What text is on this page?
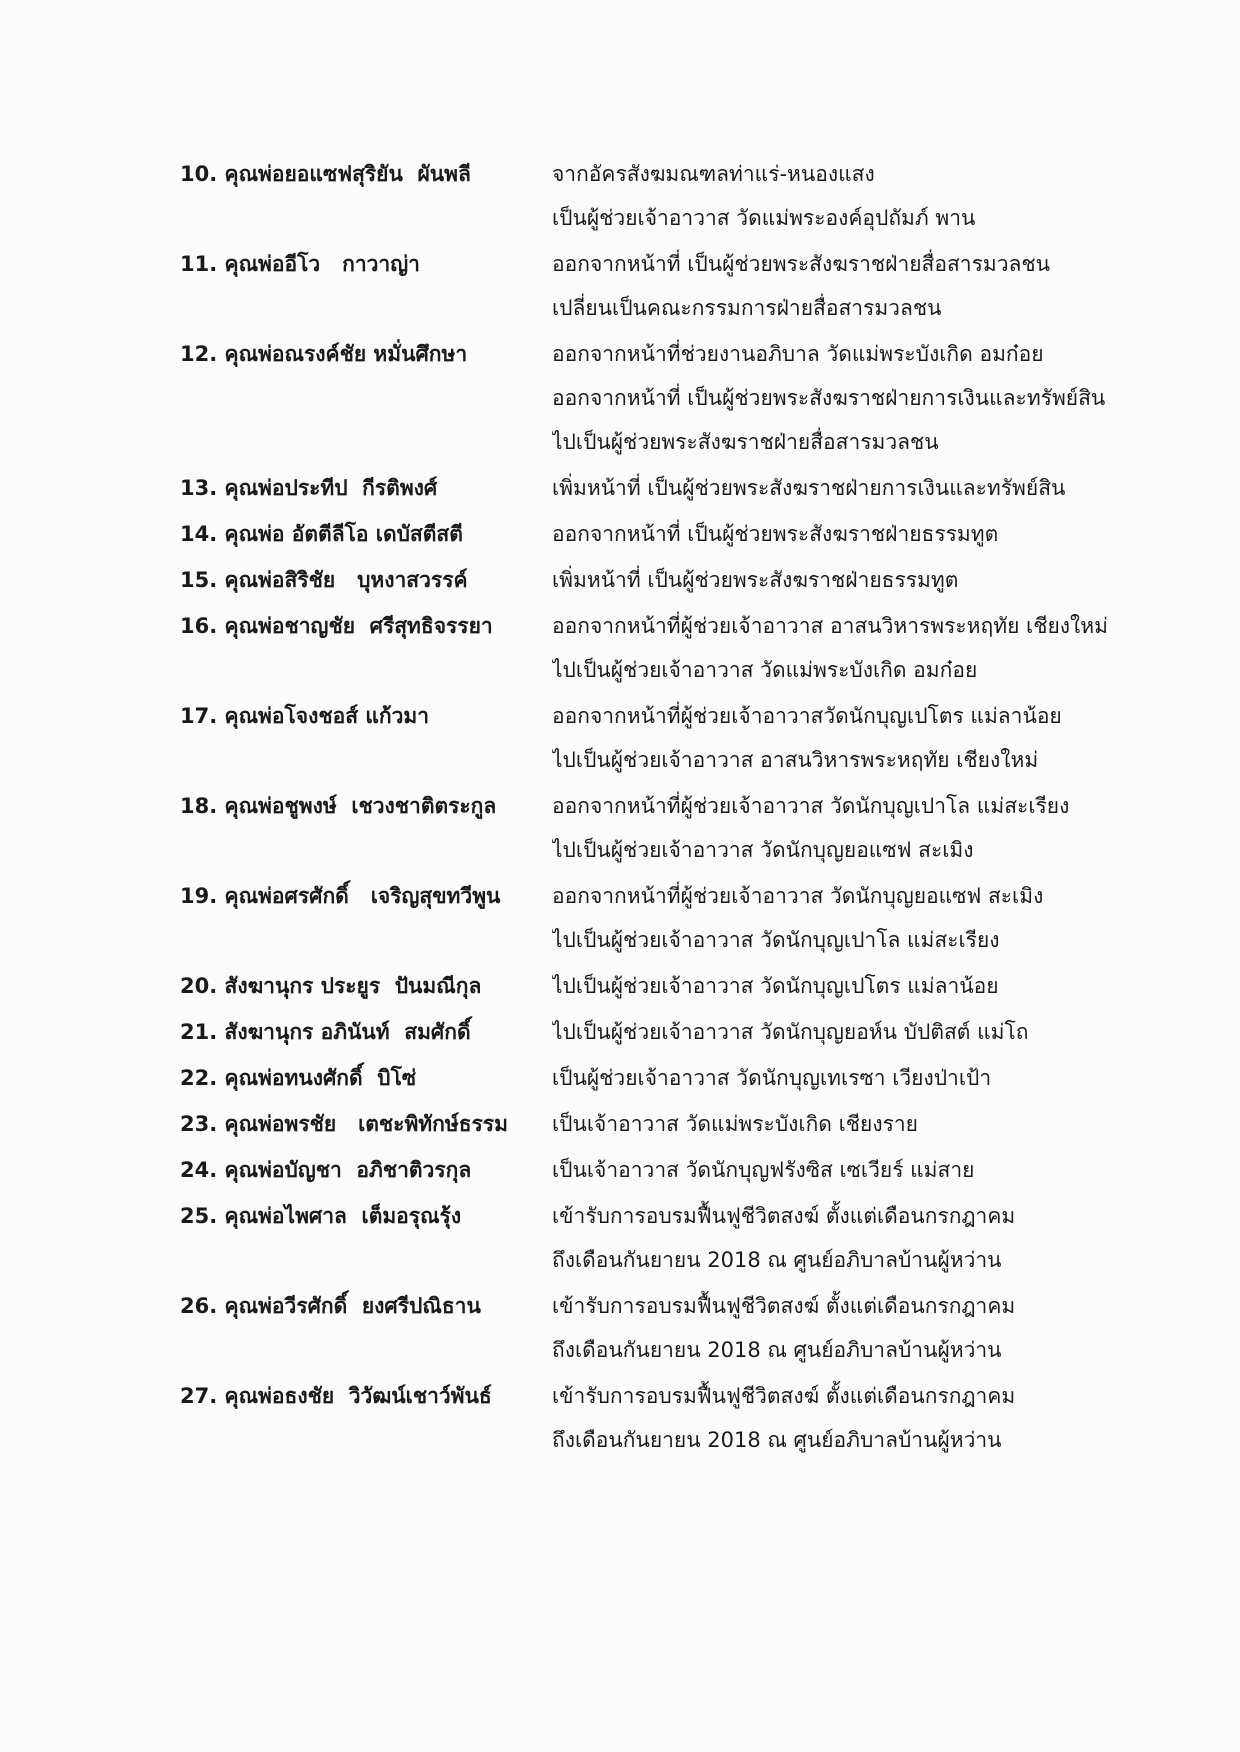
10. คุณพ่อยอแซฟสุริยัน  ผันพลี	จากอัครสังฆมณฑลท่าแร่-หนองแสง
เป็นผู้ช่วยเจ้าอาวาส วัดแม่พระองค์อุปถัมภ์ พาน
11. คุณพ่ออีโว   กาวาญ่า	ออกจากหน้าที่ เป็นผู้ช่วยพระสังฆราชฝ่ายสื่อสารมวลชน
เปลี่ยนเป็นคณะกรรมการฝ่ายสื่อสารมวลชน
12. คุณพ่อณรงค์ชัย หมั่นศึกษา	ออกจากหน้าที่ช่วยงานอภิบาล วัดแม่พระบังเกิด อมก๋อย
ออกจากหน้าที่ เป็นผู้ช่วยพระสังฆราชฝ่ายการเงินและทรัพย์สิน
ไปเป็นผู้ช่วยพระสังฆราชฝ่ายสื่อสารมวลชน
13. คุณพ่อประทีป  กีรติพงศ์	เพิ่มหน้าที่ เป็นผู้ช่วยพระสังฆราชฝ่ายการเงินและทรัพย์สิน
14. คุณพ่อ อัตตีลีโอ เดบัสตีสตี	ออกจากหน้าที่ เป็นผู้ช่วยพระสังฆราชฝ่ายธรรมทูต
15. คุณพ่อสิริชัย   บุหงาสวรรค์	เพิ่มหน้าที่ เป็นผู้ช่วยพระสังฆราชฝ่ายธรรมทูต
16. คุณพ่อชาญชัย  ศรีสุทธิจรรยา	ออกจากหน้าที่ผู้ช่วยเจ้าอาวาส อาสนวิหารพระหฤทัย เชียงใหม่
ไปเป็นผู้ช่วยเจ้าอาวาส วัดแม่พระบังเกิด อมก๋อย
17. คุณพ่อโจงชอส์ แก้วมา	ออกจากหน้าที่ผู้ช่วยเจ้าอาวาสวัดนักบุญเปโตร แม่ลาน้อย
ไปเป็นผู้ช่วยเจ้าอาวาส อาสนวิหารพระหฤทัย เชียงใหม่
18. คุณพ่อชูพงษ์  เชวงชาติตระกูล	ออกจากหน้าที่ผู้ช่วยเจ้าอาวาส วัดนักบุญเปาโล แม่สะเรียง
ไปเป็นผู้ช่วยเจ้าอาวาส วัดนักบุญยอแซฟ สะเมิง
19. คุณพ่อศรศักดิ์   เจริญสุขทวีพูน	ออกจากหน้าที่ผู้ช่วยเจ้าอาวาส วัดนักบุญยอแซฟ สะเมิง
ไปเป็นผู้ช่วยเจ้าอาวาส วัดนักบุญเปาโล แม่สะเรียง
20. สังฆานุกร ประยูร  ปันมณีกุล	ไปเป็นผู้ช่วยเจ้าอาวาส วัดนักบุญเปโตร แม่ลาน้อย
21. สังฆานุกร อภินันท์  สมศักดิ์	ไปเป็นผู้ช่วยเจ้าอาวาส วัดนักบุญยอห์น บัปติสต์ แม่โถ
22. คุณพ่อทนงศักดิ์  บิโซ่	เป็นผู้ช่วยเจ้าอาวาส วัดนักบุญเทเรซา เวียงป่าเป้า
23. คุณพ่อพรชัย   เตชะพิทักษ์ธรรม	เป็นเจ้าอาวาส วัดแม่พระบังเกิด เชียงราย
24. คุณพ่อบัญชา  อภิชาติวรกุล	เป็นเจ้าอาวาส วัดนักบุญฟรังซิส เซเวียร์ แม่สาย
25. คุณพ่อไพศาล  เต็มอรุณรุ้ง	เข้ารับการอบรมฟื้นฟูชีวิตสงฆ์ ตั้งแต่เดือนกรกฎาคม
ถึงเดือนกันยายน 2018 ณ ศูนย์อภิบาลบ้านผู้หว่าน
26. คุณพ่อวีรศักดิ์  ยงศรีปณิธาน	เข้ารับการอบรมฟื้นฟูชีวิตสงฆ์ ตั้งแต่เดือนกรกฎาคม
ถึงเดือนกันยายน 2018 ณ ศูนย์อภิบาลบ้านผู้หว่าน
27. คุณพ่อธงชัย  วิวัฒน์เชาว์พันธ์	เข้ารับการอบรมฟื้นฟูชีวิตสงฆ์ ตั้งแต่เดือนกรกฎาคม
ถึงเดือนกันยายน 2018 ณ ศูนย์อภิบาลบ้านผู้หว่าน
